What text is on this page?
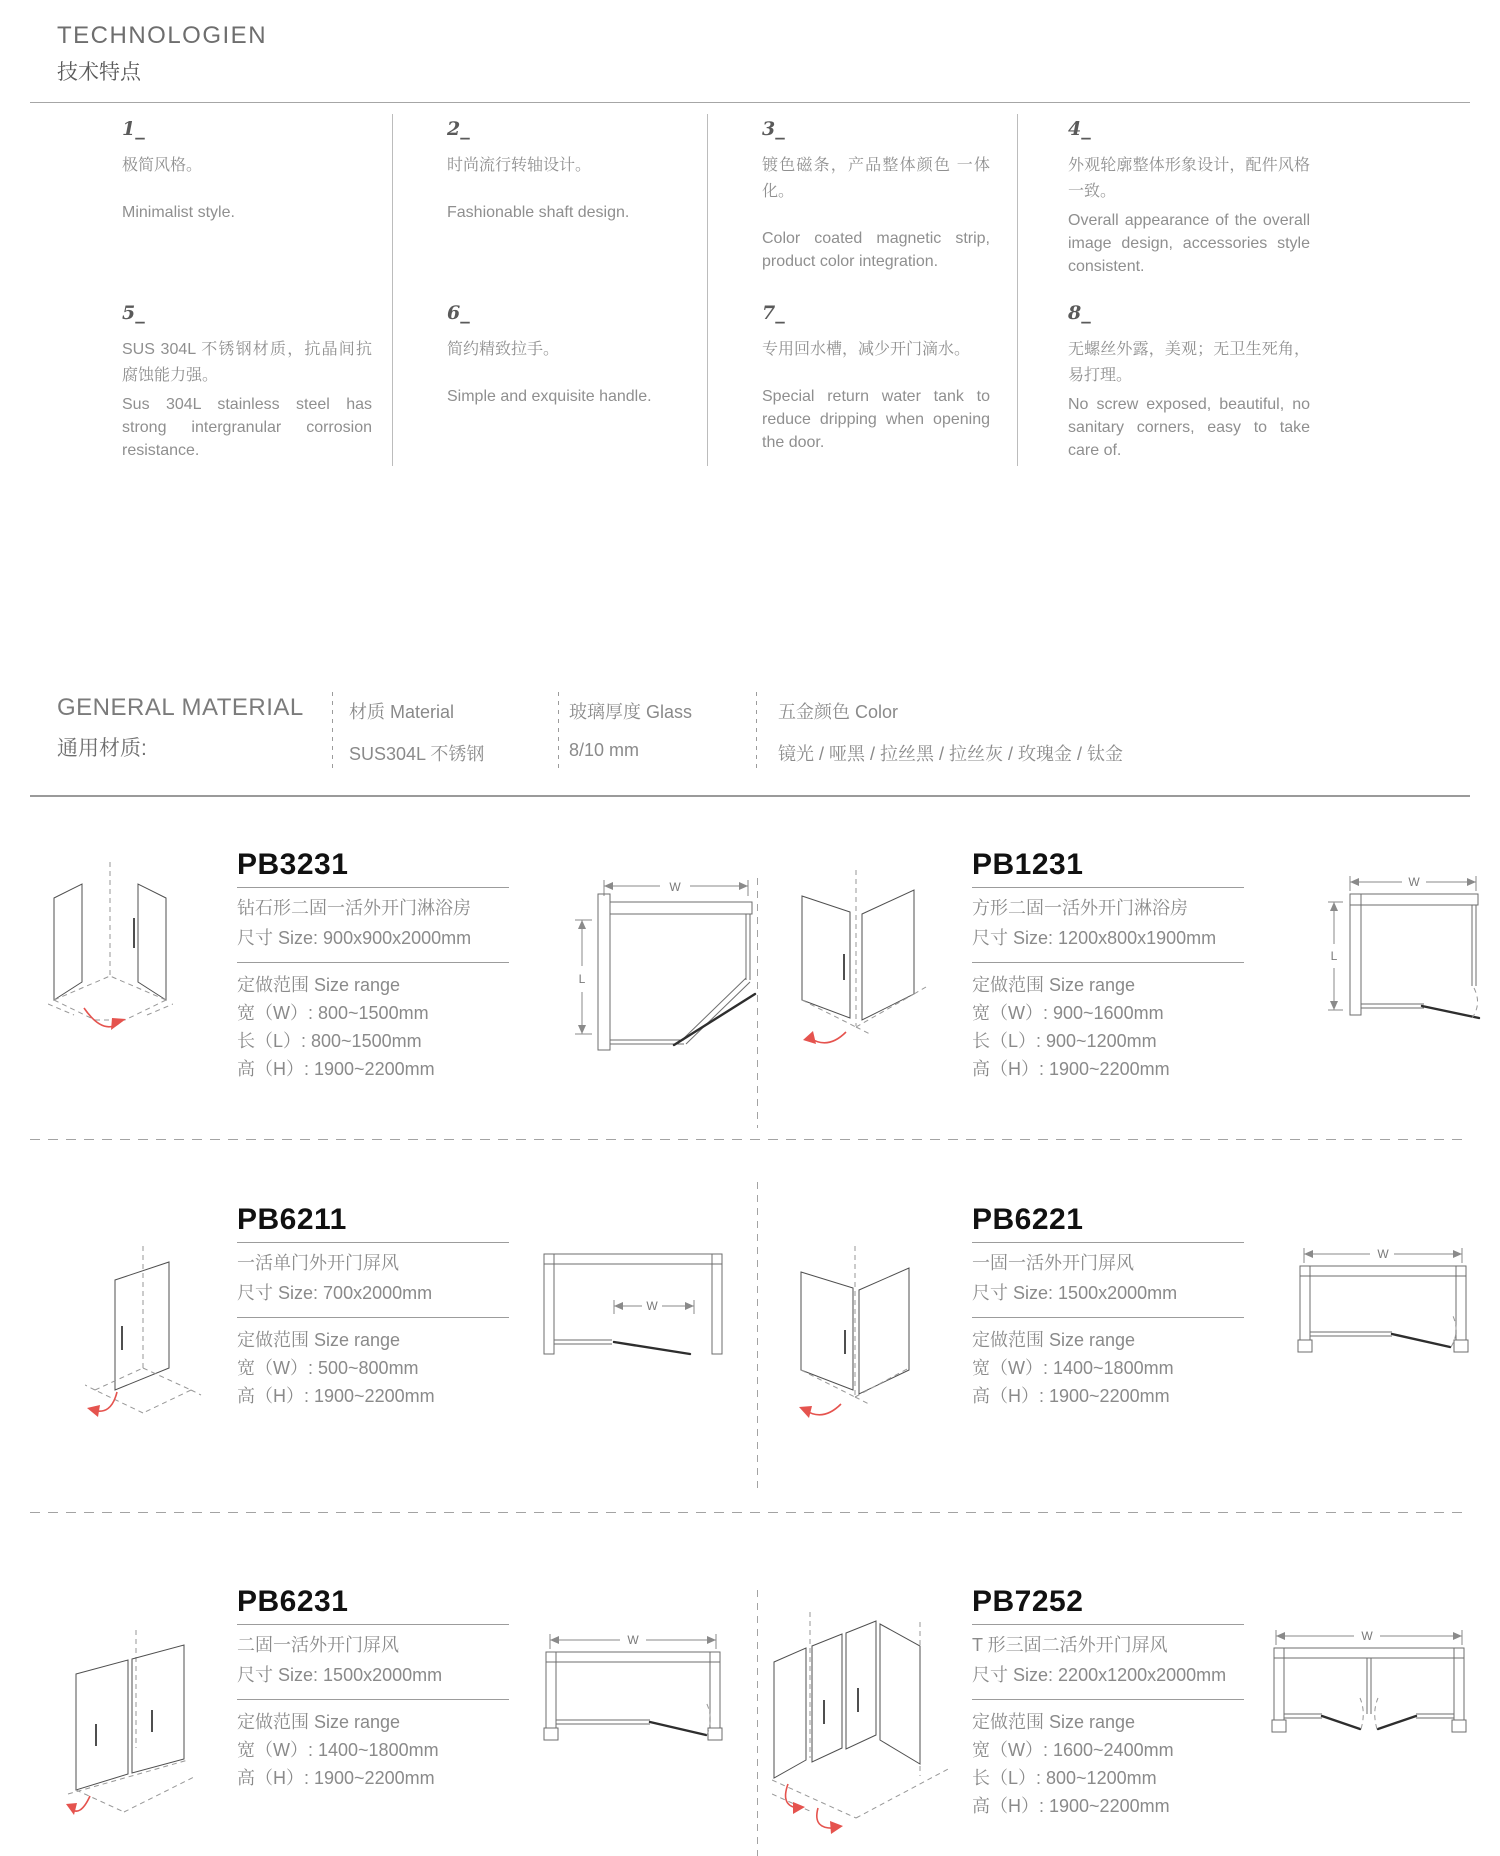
TECHNOLOGIEN
技术特点

1_

极简风格。

Minimalist style.

5_

SUS 304L 不锈钢材质，抗晶间抗腐蚀能力强。

Sus 304L stainless steel has strong intergranular corrosion resistance.

2_

时尚流行转轴设计。

Fashionable shaft design.

6_

简约精致拉手。

Simple and exquisite handle.

3_

镀色磁条，产品整体颜色 一体化。

Color coated magnetic strip, product color integration.

7_

专用回水槽，减少开门滴水。

Special return water tank to reduce dripping when opening the door.

4_

外观轮廓整体形象设计，配件风格一致。

Overall appearance of the overall image design, accessories style consistent.

8_

无螺丝外露，美观；无卫生死角，易打理。

No screw exposed, beautiful, no sanitary corners, easy to take care of.

GENERAL MATERIAL
通用材质:

材质 Material

SUS304L 不锈钢

玻璃厚度 Glass

8/10 mm

五金颜色 Color

镜光 / 哑黑 / 拉丝黑 / 拉丝灰 / 玫瑰金 / 钛金

PB3231

钻石形二固一活外开门淋浴房

尺寸 Size: 900x900x2000mm

定做范围 Size range

宽（W）: 800~1500mm

长（L）: 800~1500mm

高（H）: 1900~2200mm

W
L
PB1231

方形二固一活外开门淋浴房

尺寸 Size: 1200x800x1900mm

定做范围 Size range

宽（W）: 900~1600mm

长（L）: 900~1200mm

高（H）: 1900~2200mm

W
L
PB6211

一活单门外开门屏风

尺寸 Size: 700x2000mm

定做范围 Size range

宽（W）: 500~800mm

高（H）: 1900~2200mm

W
PB6221

一固一活外开门屏风

尺寸 Size: 1500x2000mm

定做范围 Size range

宽（W）: 1400~1800mm

高（H）: 1900~2200mm

W
PB6231

二固一活外开门屏风

尺寸 Size: 1500x2000mm

定做范围 Size range

宽（W）: 1400~1800mm

高（H）: 1900~2200mm

W
PB7252

T 形三固二活外开门屏风

尺寸 Size: 2200x1200x2000mm

定做范围 Size range

宽（W）: 1600~2400mm

长（L）: 800~1200mm

高（H）: 1900~2200mm

W
